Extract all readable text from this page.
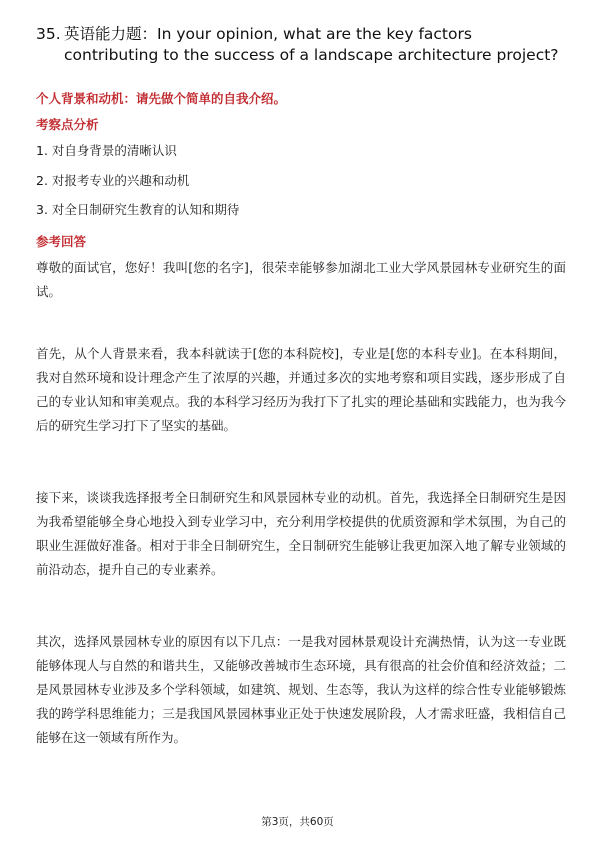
35. 英语能力题：In your opinion, what are the key factors
contributing to the success of a landscape architecture project?
个人背景和动机：请先做个简单的自我介绍。
考察点分析
1. 对自身背景的清晰认识
2. 对报考专业的兴趣和动机
3. 对全日制研究生教育的认知和期待
参考回答
尊敬的面试官，您好！我叫[您的名字]，很荣幸能够参加湖北工业大学风景园林专业研究生的面试。
首先，从个人背景来看，我本科就读于[您的本科院校]，专业是[您的本科专业]。在本科期间，我对自然环境和设计理念产生了浓厚的兴趣，并通过多次的实地考察和项目实践，逐步形成了自己的专业认知和审美观点。我的本科学习经历为我打下了扎实的理论基础和实践能力，也为我今后的研究生学习打下了坚实的基础。
接下来，谈谈我选择报考全日制研究生和风景园林专业的动机。首先，我选择全日制研究生是因为我希望能够全身心地投入到专业学习中，充分利用学校提供的优质资源和学术氛围，为自己的职业生涯做好准备。相对于非全日制研究生，全日制研究生能够让我更加深入地了解专业领域的前沿动态，提升自己的专业素养。
其次，选择风景园林专业的原因有以下几点：一是我对园林景观设计充满热情，认为这一专业既能够体现人与自然的和谐共生，又能够改善城市生态环境，具有很高的社会价值和经济效益；二是风景园林专业涉及多个学科领域，如建筑、规划、生态等，我认为这样的综合性专业能够锻炼我的跨学科思维能力；三是我国风景园林事业正处于快速发展阶段，人才需求旺盛，我相信自己能够在这一领域有所作为。
第3页，共60页
